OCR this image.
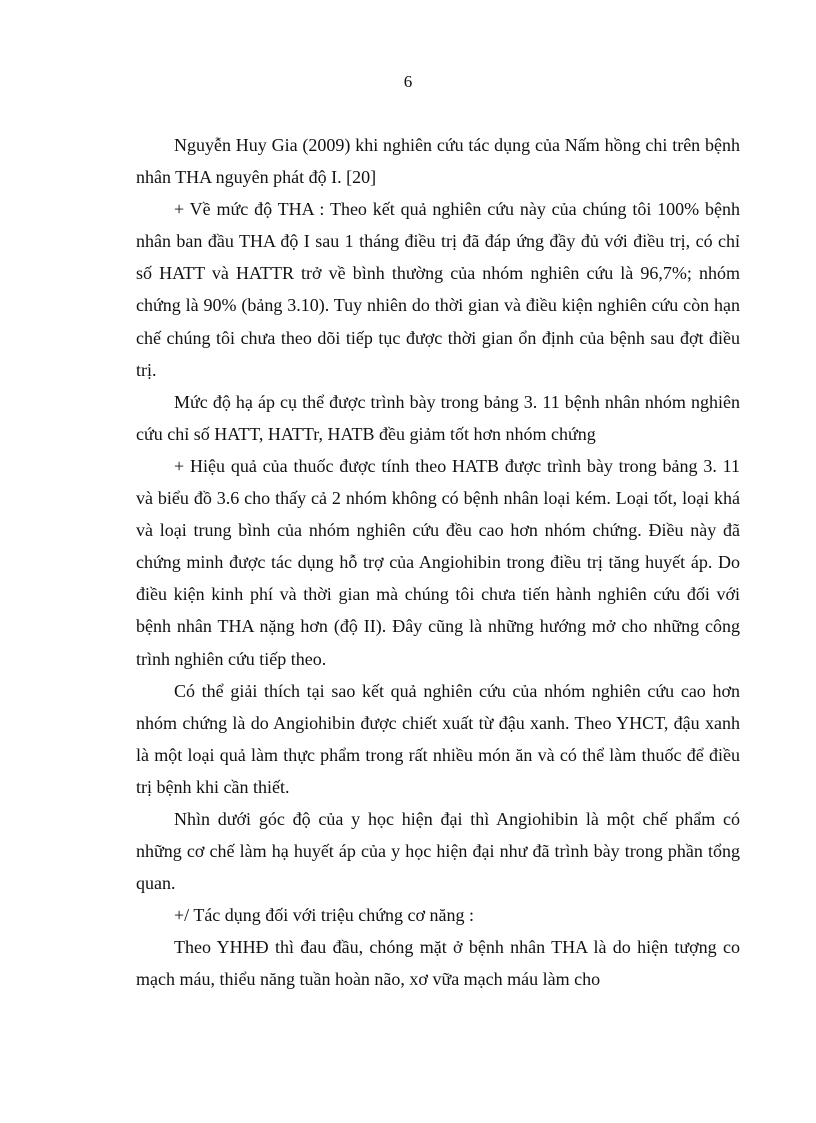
6

Nguyễn Huy Gia (2009) khi nghiên cứu tác dụng của Nấm hồng chi trên bệnh nhân THA nguyên phát độ I. [20]

+ Về mức độ THA : Theo kết quả nghiên cứu này của chúng tôi 100% bệnh nhân ban đầu THA độ I sau 1 tháng điều trị đã đáp ứng đầy đủ với điều trị, có chỉ số HATT và HATTR trở về bình thường của nhóm nghiên cứu là 96,7%; nhóm chứng là 90% (bảng 3.10). Tuy nhiên do thời gian và điều kiện nghiên cứu còn hạn chế chúng tôi chưa theo dõi tiếp tục được thời gian ổn định của bệnh sau đợt điều trị.

Mức độ hạ áp cụ thể được trình bày trong bảng 3. 11 bệnh nhân nhóm nghiên cứu chỉ số HATT, HATTr, HATB đều giảm tốt hơn nhóm chứng

+ Hiệu quả của thuốc được tính theo HATB được trình bày trong bảng 3. 11 và biểu đồ 3.6 cho thấy cả 2 nhóm không có bệnh nhân loại kém. Loại tốt, loại khá và loại trung bình của nhóm nghiên cứu đều cao hơn nhóm chứng. Điều này đã chứng minh được tác dụng hỗ trợ của Angiohibin trong điều trị tăng huyết áp. Do điều kiện kinh phí và thời gian mà chúng tôi chưa tiến hành nghiên cứu đối với bệnh nhân THA nặng hơn (độ II). Đây cũng là những hướng mở cho những công trình nghiên cứu tiếp theo.

Có thể giải thích tại sao kết quả nghiên cứu của nhóm nghiên cứu cao hơn nhóm chứng là do Angiohibin được chiết xuất từ đậu xanh. Theo YHCT, đậu xanh là một loại quả làm thực phẩm trong rất nhiều món ăn và có thể làm thuốc để điều trị bệnh khi cần thiết.

Nhìn dưới góc độ của y học hiện đại thì Angiohibin là một chế phẩm có những cơ chế làm hạ huyết áp của y học hiện đại như đã trình bày trong phần tổng quan.

+/ Tác dụng đối với triệu chứng cơ năng :

Theo YHHĐ thì đau đầu, chóng mặt ở bệnh nhân THA là do hiện tượng co mạch máu, thiểu năng tuần hoàn não, xơ vữa mạch máu làm cho
